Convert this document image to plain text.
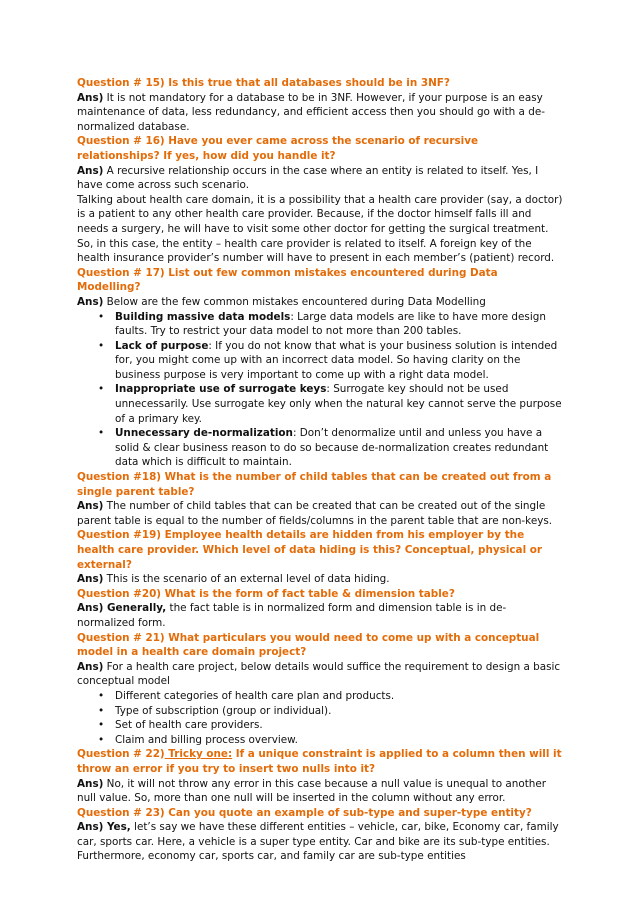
Question # 15) Is this true that all databases should be in 3NF?

Ans) It is not mandatory for a database to be in 3NF. However, if your purpose is an easy maintenance of data, less redundancy, and efficient access then you should go with a de-normalized database.

Question # 16) Have you ever came across the scenario of recursive relationships? If yes, how did you handle it?

Ans) A recursive relationship occurs in the case where an entity is related to itself. Yes, I have come across such scenario.

Talking about health care domain, it is a possibility that a health care provider (say, a doctor) is a patient to any other health care provider. Because, if the doctor himself falls ill and needs a surgery, he will have to visit some other doctor for getting the surgical treatment. So, in this case, the entity – health care provider is related to itself. A foreign key of the health insurance provider’s number will have to present in each member’s (patient) record.

Question # 17) List out few common mistakes encountered during Data Modelling?

Ans) Below are the few common mistakes encountered during Data Modelling

• Building massive data models: Large data models are like to have more design faults. Try to restrict your data model to not more than 200 tables.
• Lack of purpose: If you do not know that what is your business solution is intended for, you might come up with an incorrect data model. So having clarity on the business purpose is very important to come up with a right data model.
• Inappropriate use of surrogate keys: Surrogate key should not be used unnecessarily. Use surrogate key only when the natural key cannot serve the purpose of a primary key.
• Unnecessary de-normalization: Don’t denormalize until and unless you have a solid & clear business reason to do so because de-normalization creates redundant data which is difficult to maintain.

Question #18) What is the number of child tables that can be created out from a single parent table?

Ans) The number of child tables that can be created that can be created out of the single parent table is equal to the number of fields/columns in the parent table that are non-keys.

Question #19) Employee health details are hidden from his employer by the health care provider. Which level of data hiding is this? Conceptual, physical or external?

Ans) This is the scenario of an external level of data hiding.

Question #20) What is the form of fact table & dimension table?

Ans) Generally, the fact table is in normalized form and dimension table is in de-normalized form.

Question # 21) What particulars you would need to come up with a conceptual model in a health care domain project?

Ans) For a health care project, below details would suffice the requirement to design a basic conceptual model

• Different categories of health care plan and products.
• Type of subscription (group or individual).
• Set of health care providers.
• Claim and billing process overview.

Question # 22) Tricky one: If a unique constraint is applied to a column then will it throw an error if you try to insert two nulls into it?

Ans) No, it will not throw any error in this case because a null value is unequal to another null value. So, more than one null will be inserted in the column without any error.

Question # 23) Can you quote an example of sub-type and super-type entity?

Ans) Yes, let’s say we have these different entities – vehicle, car, bike, Economy car, family car, sports car. Here, a vehicle is a super type entity. Car and bike are its sub-type entities. Furthermore, economy car, sports car, and family car are sub-type entities
